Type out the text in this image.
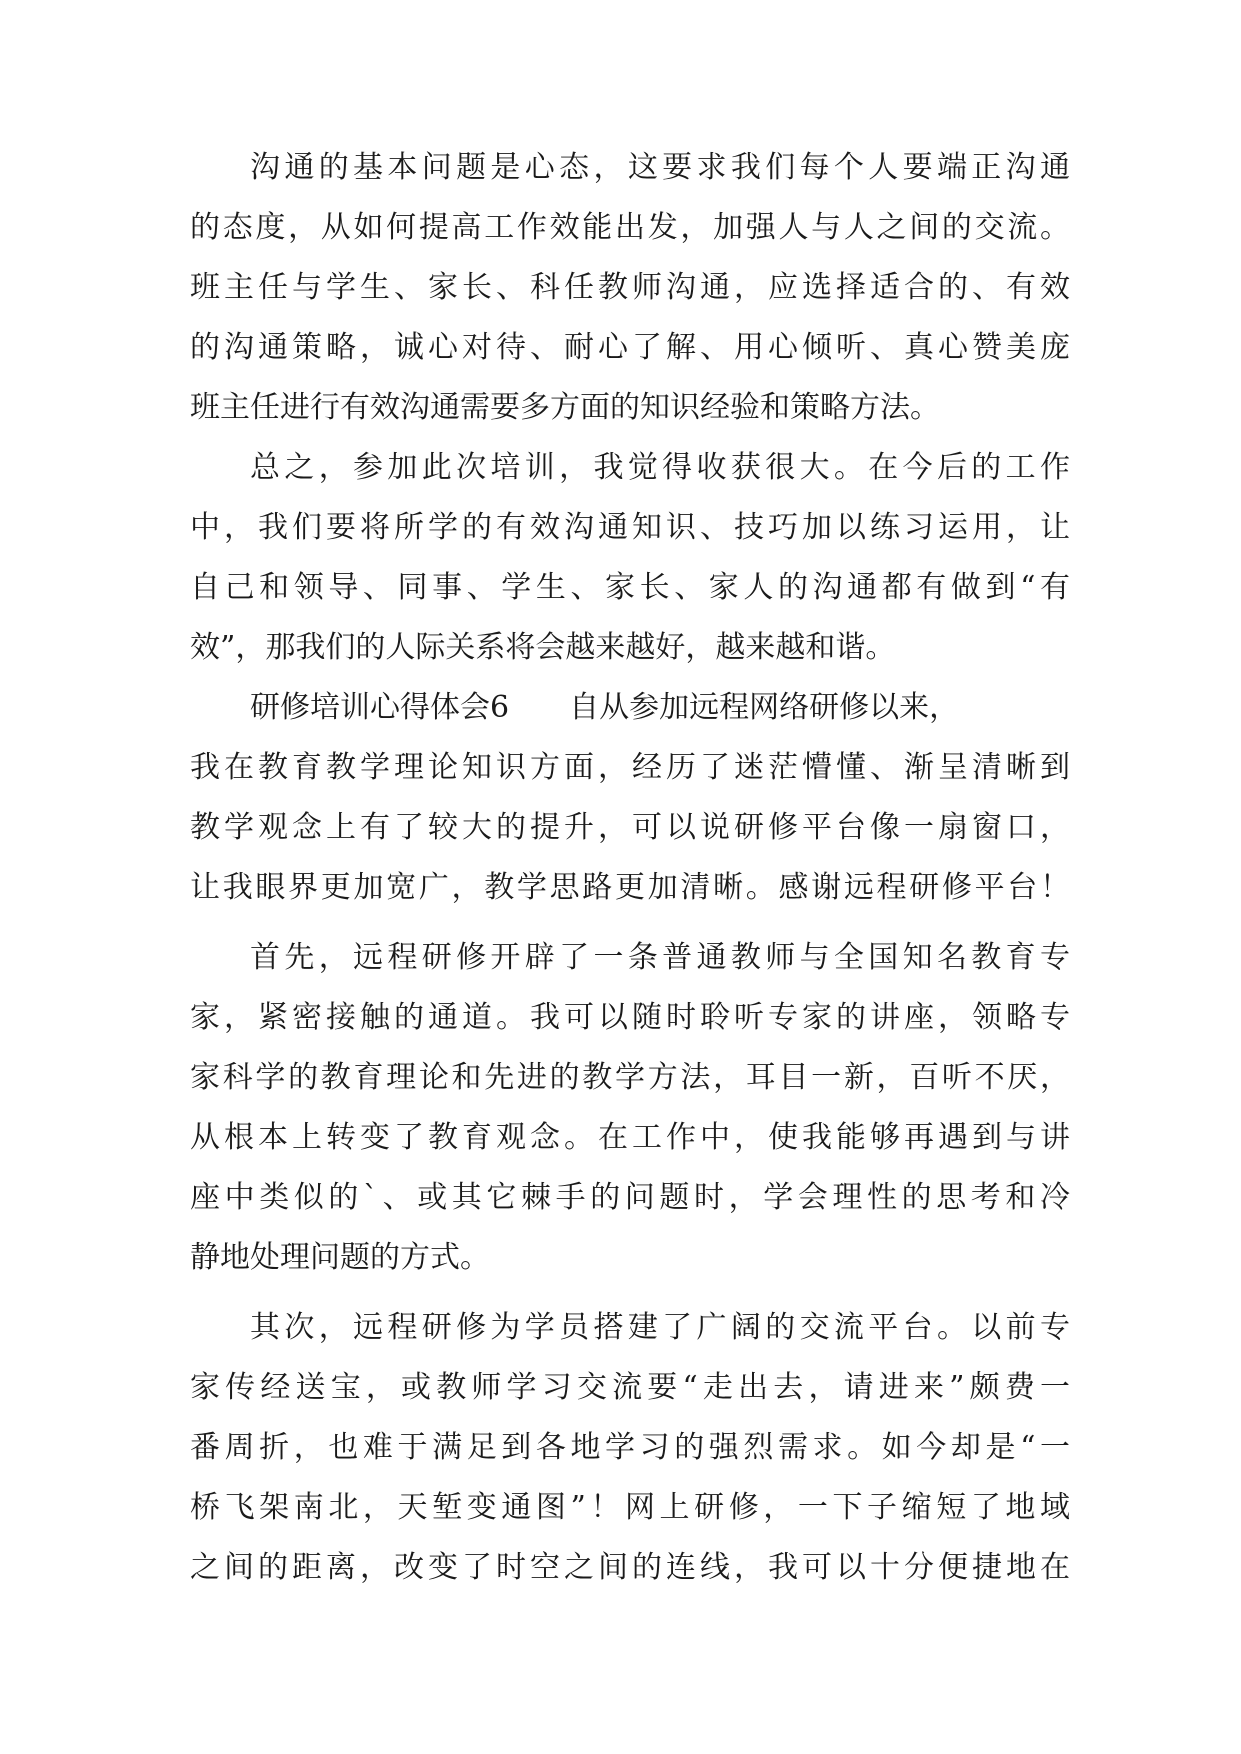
沟通的基本问题是心态，这要求我们每个人要端正沟通
的态度，从如何提高工作效能出发，加强人与人之间的交流。
班主任与学生、家长、科任教师沟通，应选择适合的、有效
的沟通策略，诚心对待、耐心了解、用心倾听、真心赞美庞
班主任进行有效沟通需要多方面的知识经验和策略方法。
总之，参加此次培训，我觉得收获很大。在今后的工作
中，我们要将所学的有效沟通知识、技巧加以练习运用，让
自己和领导、同事、学生、家长、家人的沟通都有做到“有
效”，那我们的人际关系将会越来越好，越来越和谐。
研修培训心得体会6　　自从参加远程网络研修以来，
我在教育教学理论知识方面，经历了迷茫懵懂、渐呈清晰到
教学观念上有了较大的提升，可以说研修平台像一扇窗口，
让我眼界更加宽广，教学思路更加清晰。感谢远程研修平台！
首先，远程研修开辟了一条普通教师与全国知名教育专
家，紧密接触的通道。我可以随时聆听专家的讲座，领略专
家科学的教育理论和先进的教学方法，耳目一新，百听不厌，
从根本上转变了教育观念。在工作中，使我能够再遇到与讲
座中类似的`、或其它棘手的问题时，学会理性的思考和冷
静地处理问题的方式。
其次，远程研修为学员搭建了广阔的交流平台。以前专
家传经送宝，或教师学习交流要“走出去，请进来”颇费一
番周折，也难于满足到各地学习的强烈需求。如今却是“一
桥飞架南北，天堑变通图”！网上研修，一下子缩短了地域
之间的距离，改变了时空之间的连线，我可以十分便捷地在
